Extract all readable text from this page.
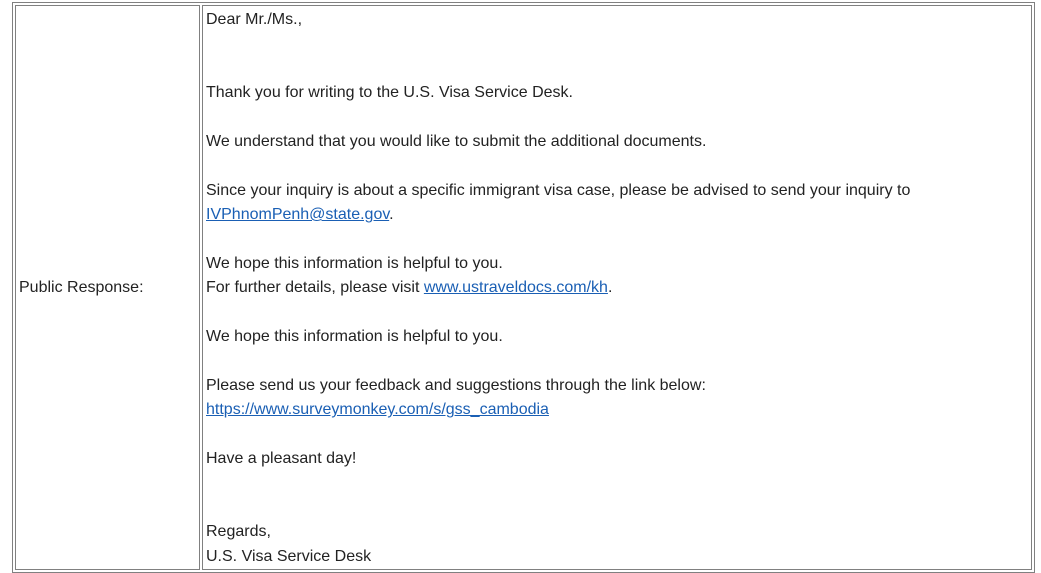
Public Response:	
Dear Mr./Ms.,
Thank you for writing to the U.S. Visa Service Desk.
We understand that you would like to submit the additional documents.
Since your inquiry is about a specific immigrant visa case, please be advised to send your inquiry to
IVPhnomPenh@state.gov.
We hope this information is helpful to you.
For further details, please visit www.ustraveldocs.com/kh.
We hope this information is helpful to you.
Please send us your feedback and suggestions through the link below:
https://www.surveymonkey.com/s/gss_cambodia
Have a pleasant day!
Regards,
U.S. Visa Service Desk
